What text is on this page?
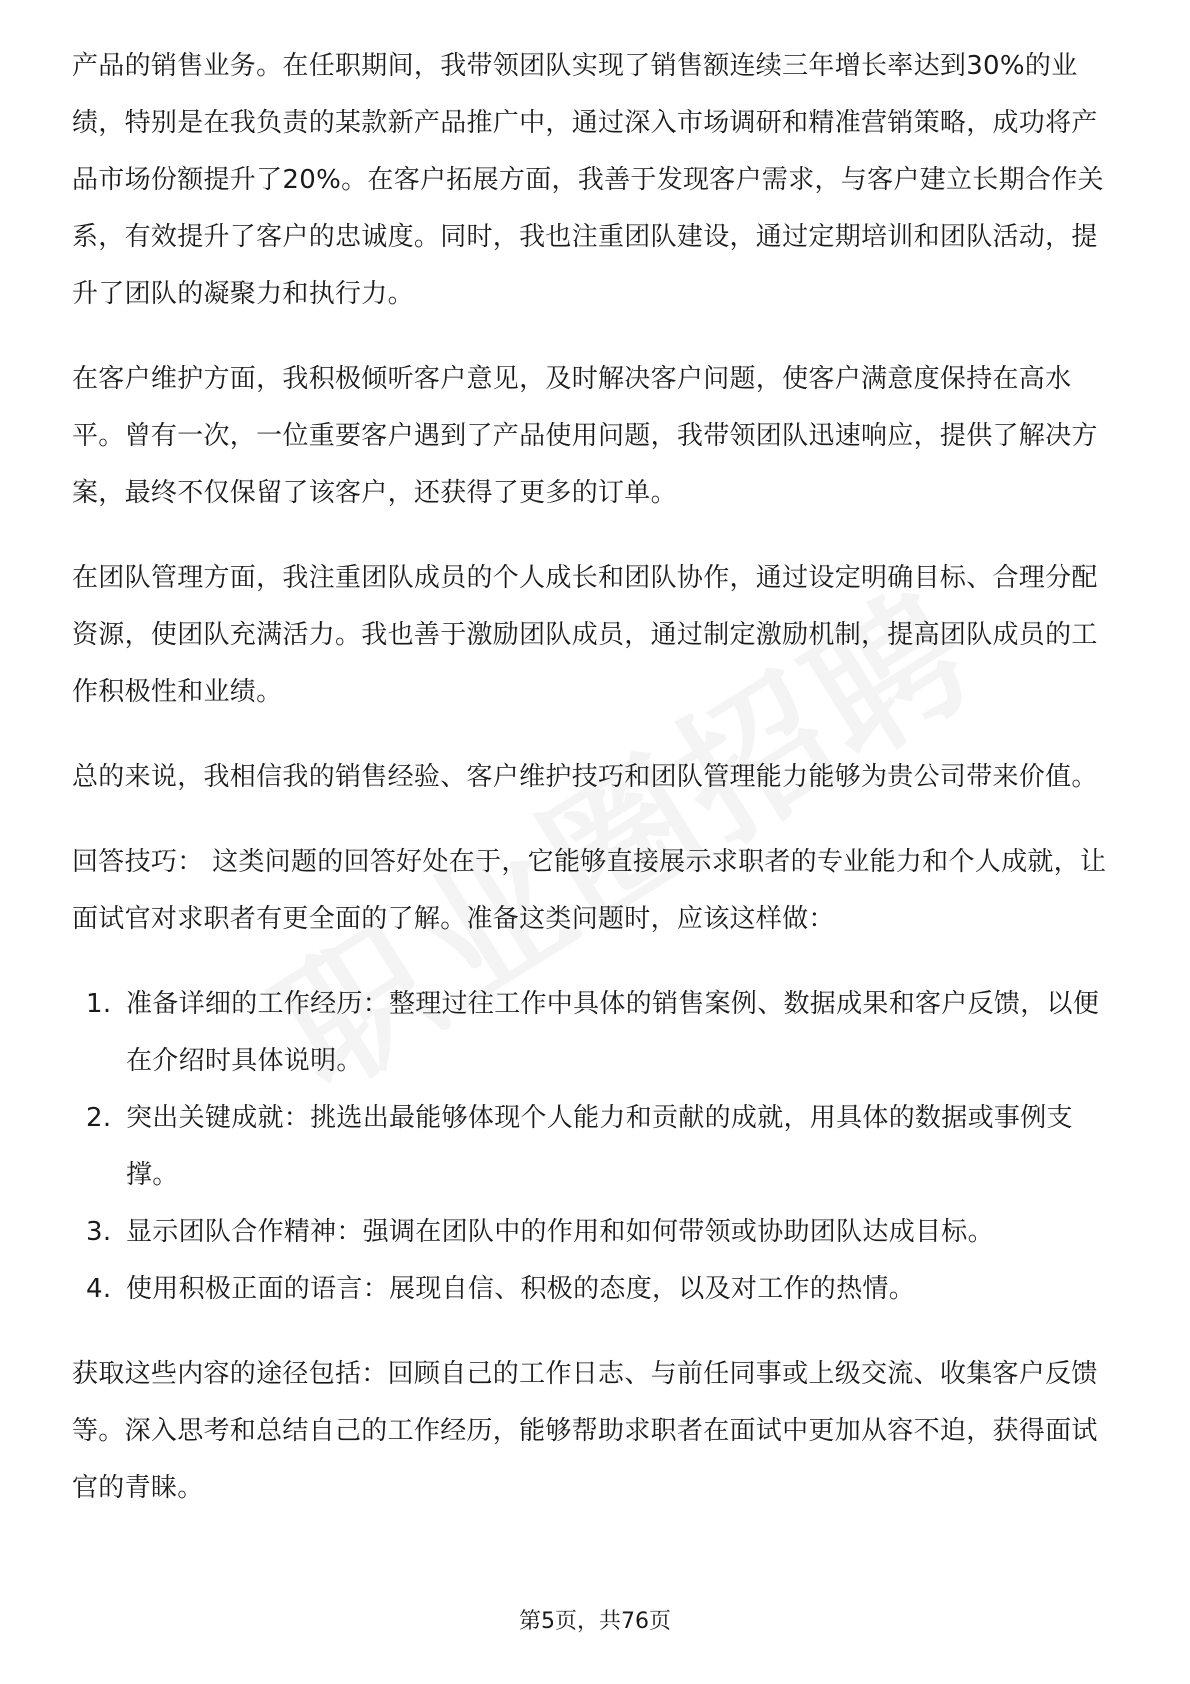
产品的销售业务。在任职期间，我带领团队实现了销售额连续三年增长率达到30%的业绩，特别是在我负责的某款新产品推广中，通过深入市场调研和精准营销策略，成功将产品市场份额提升了20%。在客户拓展方面，我善于发现客户需求，与客户建立长期合作关系，有效提升了客户的忠诚度。同时，我也注重团队建设，通过定期培训和团队活动，提升了团队的凝聚力和执行力。

在客户维护方面，我积极倾听客户意见，及时解决客户问题，使客户满意度保持在高水平。曾有一次，一位重要客户遇到了产品使用问题，我带领团队迅速响应，提供了解决方案，最终不仅保留了该客户，还获得了更多的订单。

在团队管理方面，我注重团队成员的个人成长和团队协作，通过设定明确目标、合理分配资源，使团队充满活力。我也善于激励团队成员，通过制定激励机制，提高团队成员的工作积极性和业绩。

总的来说，我相信我的销售经验、客户维护技巧和团队管理能力能够为贵公司带来价值。

回答技巧： 这类问题的回答好处在于，它能够直接展示求职者的专业能力和个人成就，让面试官对求职者有更全面的了解。准备这类问题时，应该这样做：

1. 准备详细的工作经历：整理过往工作中具体的销售案例、数据成果和客户反馈，以便在介绍时具体说明。
2. 突出关键成就：挑选出最能够体现个人能力和贡献的成就，用具体的数据或事例支撑。
3. 显示团队合作精神：强调在团队中的作用和如何带领或协助团队达成目标。
4. 使用积极正面的语言：展现自信、积极的态度，以及对工作的热情。

获取这些内容的途径包括：回顾自己的工作日志、与前任同事或上级交流、收集客户反馈等。深入思考和总结自己的工作经历，能够帮助求职者在面试中更加从容不迫，获得面试官的青睐。

第5页，共76页
